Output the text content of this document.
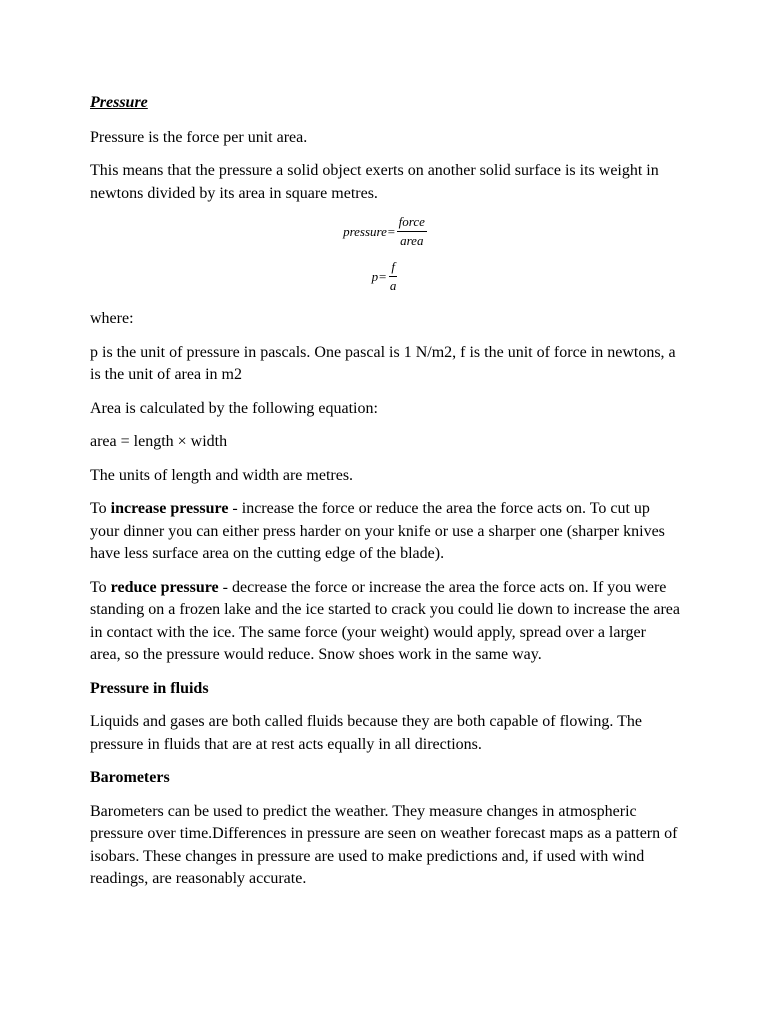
Pressure

Pressure is the force per unit area.

This means that the pressure a solid object exerts on another solid surface is its weight in newtons divided by its area in square metres.

pressure= $\frac{\text{force}}{\text{area}}$
$p= \frac{f}{a}$

where:

p is the unit of pressure in pascals. One pascal is 1 N/m2, f is the unit of force in newtons, a is the unit of area in m2

Area is calculated by the following equation:

area = length × width

The units of length and width are metres.

To increase pressure - increase the force or reduce the area the force acts on. To cut up your dinner you can either press harder on your knife or use a sharper one (sharper knives have less surface area on the cutting edge of the blade).

To reduce pressure - decrease the force or increase the area the force acts on. If you were standing on a frozen lake and the ice started to crack you could lie down to increase the area in contact with the ice. The same force (your weight) would apply, spread over a larger area, so the pressure would reduce. Snow shoes work in the same way.

Pressure in fluids

Liquids and gases are both called fluids because they are both capable of flowing. The pressure in fluids that are at rest acts equally in all directions.

Barometers

Barometers can be used to predict the weather. They measure changes in atmospheric pressure over time.Differences in pressure are seen on weather forecast maps as a pattern of isobars. These changes in pressure are used to make predictions and, if used with wind readings, are reasonably accurate.
